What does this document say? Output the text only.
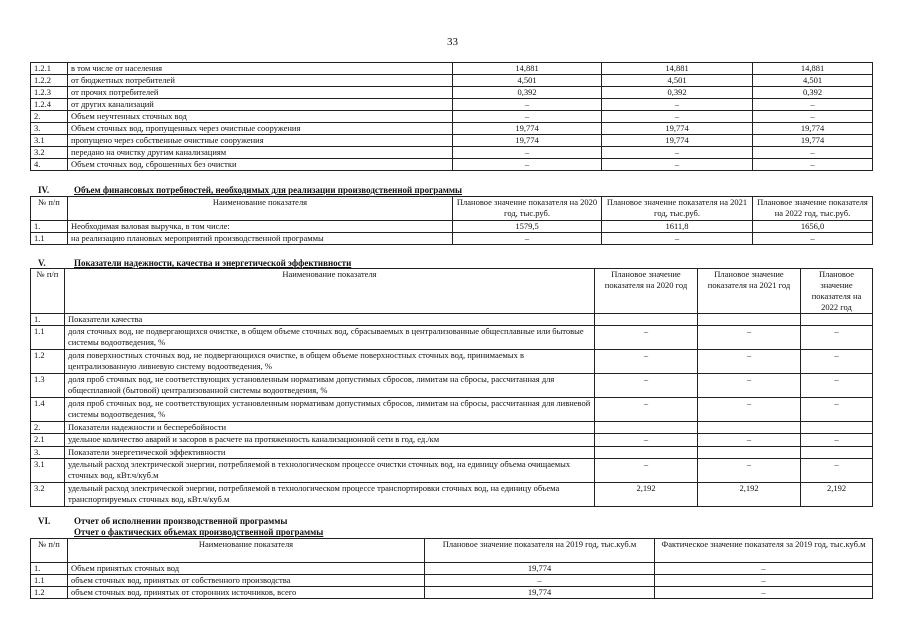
33
1.2.1	в том числе от населения	14,881	14,881	14,881
1.2.2	от бюджетных потребителей	4,501	4,501	4,501
1.2.3	от прочих потребителей	0,392	0,392	0,392
1.2.4	от других канализаций	–	–	–
2.	Объем неучтенных сточных вод	–	–	–
3.	Объем сточных вод, пропущенных через очистные сооружения	19,774	19,774	19,774
3.1	пропущено через собственные очистные сооружения	19,774	19,774	19,774
3.2	передано на очистку другим канализациям	–	–	–
4.	Объем сточных вод, сброшенных без очистки	–	–	–
IV.	Объем финансовых потребностей, необходимых для реализации производственной программы
№ п/п	Наименование показателя	Плановое значение показателя на 2020 год, тыс.руб.	Плановое значение показателя на 2021 год, тыс.руб.	Плановое значение показателя на 2022 год, тыс.руб.
1.	Необходимая валовая выручка, в том числе:	1579,5	1611,8	1656,0
1.1	на реализацию плановых мероприятий производственной программы	–	–	–
V.	Показатели надежности, качества и энергетической эффективности
№ п/п	Наименование показателя	Плановое значение показателя на 2020 год	Плановое значение показателя на 2021 год	Плановое значение показателя на 2022 год
1.	Показатели качества			
1.1	доля сточных вод, не подвергающихся очистке, в общем объеме сточных вод, сбрасываемых в централизованные общесплавные или бытовые системы водоотведения, %	–	–	–
1.2	доля поверхностных сточных вод, не подвергающихся очистке, в общем объеме поверхностных сточных вод, принимаемых в централизованную ливневую систему водоотведения, %	–	–	–
1.3	доля проб сточных вод, не соответствующих установленным нормативам допустимых сбросов, лимитам на сбросы, рассчитанная для общесплавной (бытовой) централизованной системы водоотведения, %	–	–	–
1.4	доля проб сточных вод, не соответствующих установленным нормативам допустимых сбросов, лимитам на сбросы, рассчитанная для ливневой системы водоотведения, %	–	–	–
2.	Показатели надежности и бесперебойности			
2.1	удельное количество аварий и засоров в расчете на протяженность канализационной сети в год, ед./км	–	–	–
3.	Показатели энергетической эффективности			
3.1	удельный расход электрической энергии, потребляемой в технологическом процессе очистки сточных вод, на единицу объема очищаемых сточных вод, кВт.ч/куб.м	–	–	–
3.2	удельный расход электрической энергии, потребляемой в технологическом процессе транспортировки сточных вод, на единицу объема транспортируемых сточных вод, кВт.ч/куб.м	2,192	2,192	2,192
VI.	Отчет об исполнении производственной программы
Отчет о фактических объемах производственной программы
№ п/п	Наименование показателя	Плановое значение показателя на 2019 год, тыс.куб.м	Фактическое значение показателя за 2019 год, тыс.куб.м
1.	Объем принятых сточных вод	19,774	–
1.1	объем сточных вод, принятых от собственного производства	–	–
1.2	объем сточных вод, принятых от сторонних источников, всего	19,774	–
